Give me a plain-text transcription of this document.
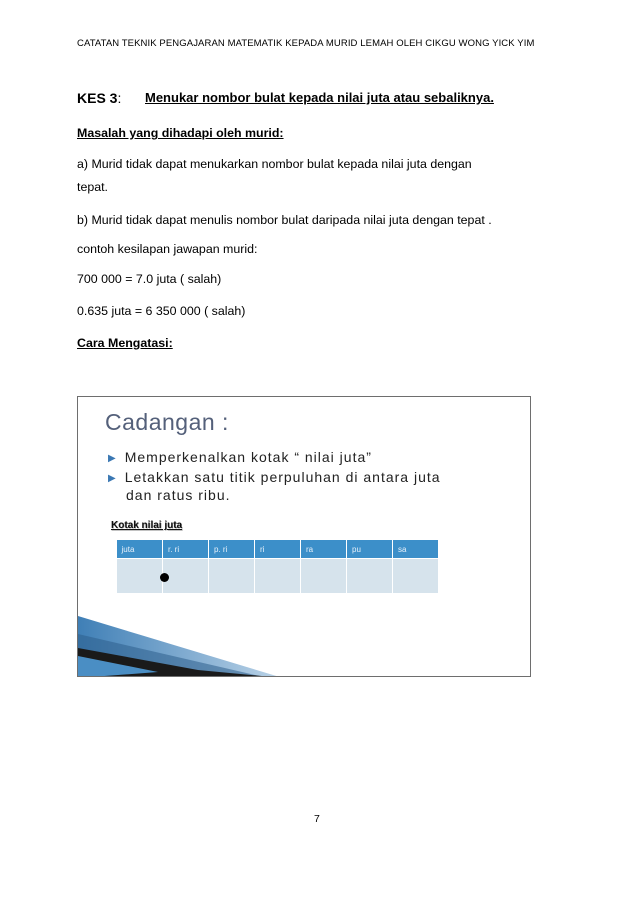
CATATAN TEKNIK PENGAJARAN MATEMATIK KEPADA MURID LEMAH OLEH CIKGU WONG YICK YIM
KES 3: Menukar nombor bulat kepada nilai juta atau sebaliknya.
Masalah yang dihadapi oleh murid:
a) Murid tidak dapat menukarkan nombor bulat kepada nilai juta dengan
tepat.
b) Murid tidak dapat menulis nombor bulat daripada nilai juta dengan tepat .
contoh kesilapan jawapan murid:
700 000 = 7.0 juta ( salah)
0.635 juta = 6 350 000 ( salah)
Cara Mengatasi:
Cadangan :
▶ Memperkenalkan kotak “ nilai juta”
▶ Letakkan satu titik perpuluhan di antara juta
dan ratus ribu.
Kotak nilai juta
juta	r. ri	p. ri	ri	ra	pu	sa

7
